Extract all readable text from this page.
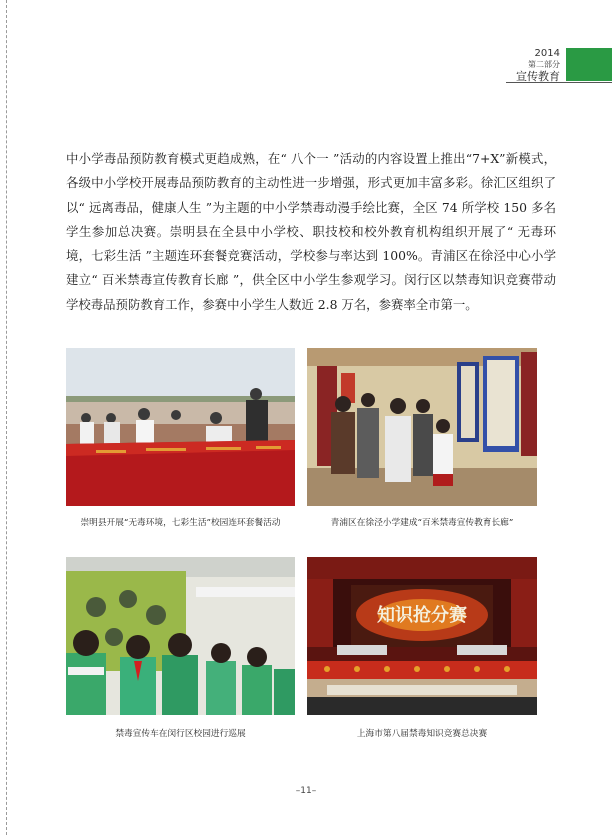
2014
第二部分
宣传教育

中小学毒品预防教育模式更趋成熟，在“ 八个一 ”活动的内容设置上推出“7+X”新模式，各级中小学校开展毒品预防教育的主动性进一步增强，形式更加丰富多彩。徐汇区组织了以“ 远离毒品，健康人生 ”为主题的中小学禁毒动漫手绘比赛，全区 74 所学校 150 多名学生参加总决赛。崇明县在全县中小学校、职技校和校外教育机构组织开展了“ 无毒环境，七彩生活 ”主题连环套餐竞赛活动，学校参与率达到 100%。青浦区在徐泾中心小学建立“ 百米禁毒宣传教育长廊 ”，供全区中小学生参观学习。闵行区以禁毒知识竞赛带动学校毒品预防教育工作，参赛中小学生人数近 2.8 万名，参赛率全市第一。

崇明县开展“无毒环境，七彩生活”校园连环套餐活动	青浦区在徐泾小学建成“百米禁毒宣传教育长廊”
禁毒宣传车在闵行区校园进行巡展
知识抢分赛
上海市第八届禁毒知识竞赛总决赛
–11–
